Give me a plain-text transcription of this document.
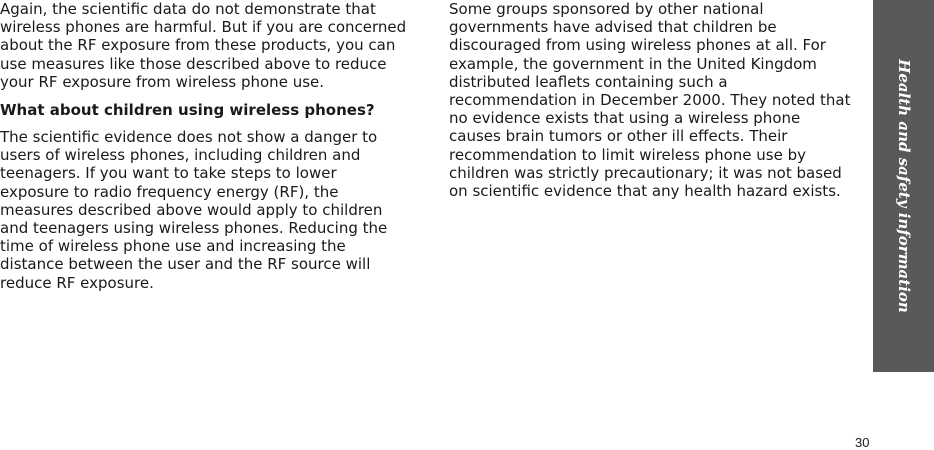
Again, the scientific data do not demonstrate that wireless phones are harmful. But if you are concerned about the RF exposure from these products, you can use measures like those described above to reduce your RF exposure from wireless phone use.

What about children using wireless phones?

The scientific evidence does not show a danger to users of wireless phones, including children and teenagers. If you want to take steps to lower exposure to radio frequency energy (RF), the measures described above would apply to children and teenagers using wireless phones. Reducing the time of wireless phone use and increasing the distance between the user and the RF source will reduce RF exposure.

Some groups sponsored by other national governments have advised that children be discouraged from using wireless phones at all. For example, the government in the United Kingdom distributed leaflets containing such a recommendation in December 2000. They noted that no evidence exists that using a wireless phone causes brain tumors or other ill effects. Their recommendation to limit wireless phone use by children was strictly precautionary; it was not based on scientific evidence that any health hazard exists.	Health and safety information
30
